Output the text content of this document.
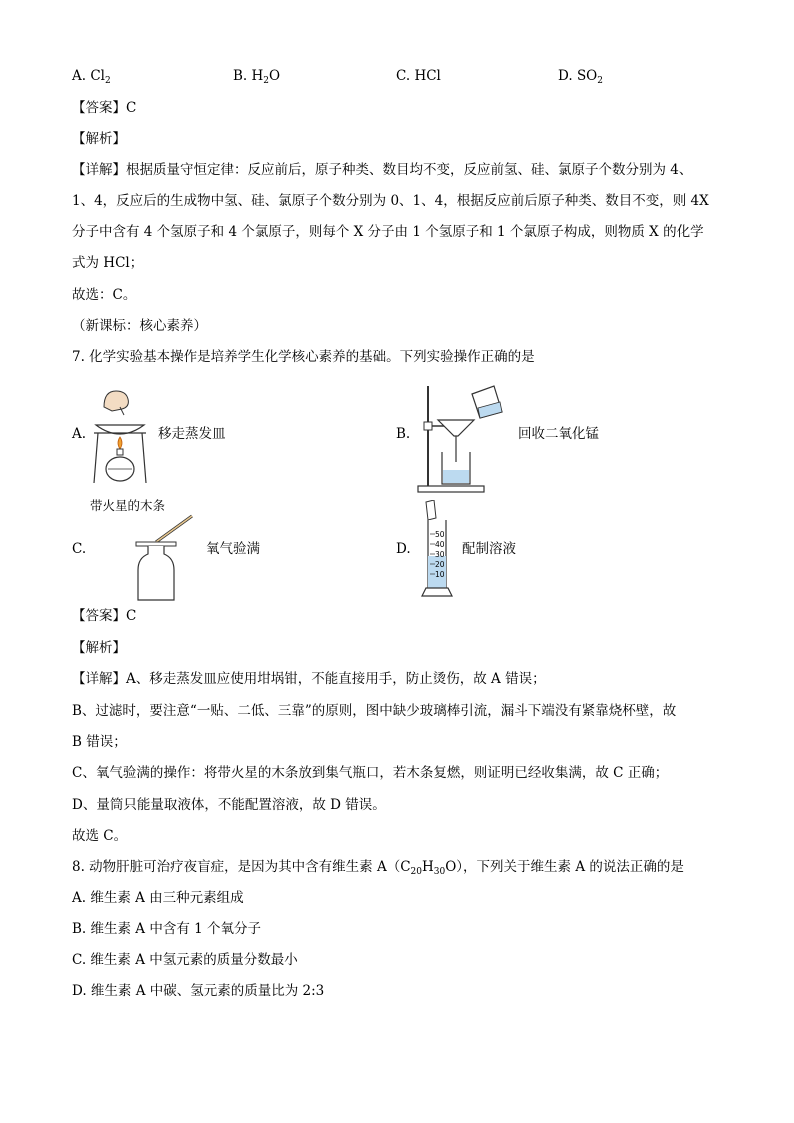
A. $Cl_2$	B. $H_2O$	C. HCl	D. $SO_2$
【答案】C
【解析】
【详解】根据质量守恒定律：反应前后，原子种类、数目均不变，反应前氢、硅、氯原子个数分别为 4、
1、4，反应后的生成物中氢、硅、氯原子个数分别为 0、1、4，根据反应前后原子种类、数目不变，则 4X
分子中含有 4 个氢原子和 4 个氯原子，则每个 X 分子由 1 个氢原子和 1 个氯原子构成，则物质 X 的化学
式为 HCl；
故选：C。
（新课标：核心素养）
7. 化学实验基本操作是培养学生化学核心素养的基础。下列实验操作正确的是
A.	移走蒸发皿	B.	回收二氧化锰
带火星的木条
C.	氧气验满	D.
50
40
30
20
10
配制溶液
【答案】C
【解析】
【详解】A、移走蒸发皿应使用坩埚钳，不能直接用手，防止烫伤，故 A 错误；
B、过滤时，要注意“一贴、二低、三靠”的原则，图中缺少玻璃棒引流，漏斗下端没有紧靠烧杯壁，故
B 错误；
C、氧气验满的操作：将带火星的木条放到集气瓶口，若木条复燃，则证明已经收集满，故 C 正确；
D、量筒只能量取液体，不能配置溶液，故 D 错误。
故选 C。
8. 动物肝脏可治疗夜盲症，是因为其中含有维生素 $A(C_{20}H_{30}O)$，下列关于维生素 A 的说法正确的是
A. 维生素 A 由三种元素组成
B. 维生素 A 中含有 1 个氧分子
C. 维生素 A 中氢元素的质量分数最小
D. 维生素 A 中碳、氢元素的质量比为 2:3
